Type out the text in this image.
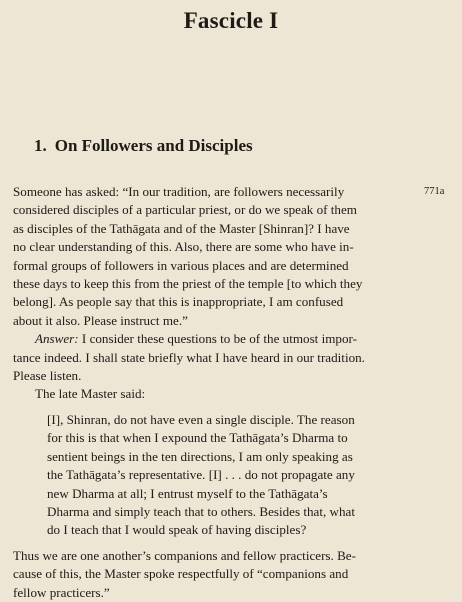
Fascicle I
1. On Followers and Disciples
771a
Someone has asked: “In our tradition, are followers necessarily
considered disciples of a particular priest, or do we speak of them
as disciples of the Tathāgata and of the Master [Shinran]? I have
no clear understanding of this. Also, there are some who have in-
formal groups of followers in various places and are determined
these days to keep this from the priest of the temple [to which they
belong]. As people say that this is inappropriate, I am confused
about it also. Please instruct me.”
Answer: I consider these questions to be of the utmost impor-
tance indeed. I shall state briefly what I have heard in our tradition.
Please listen.
The late Master said:
[I], Shinran, do not have even a single disciple. The reason
for this is that when I expound the Tathāgata’s Dharma to
sentient beings in the ten directions, I am only speaking as
the Tathāgata’s representative. [I] . . . do not propagate any
new Dharma at all; I entrust myself to the Tathāgata’s
Dharma and simply teach that to others. Besides that, what
do I teach that I would speak of having disciples?
Thus we are one another’s companions and fellow practicers. Be-
cause of this, the Master spoke respectfully of “companions and
fellow practicers.”
